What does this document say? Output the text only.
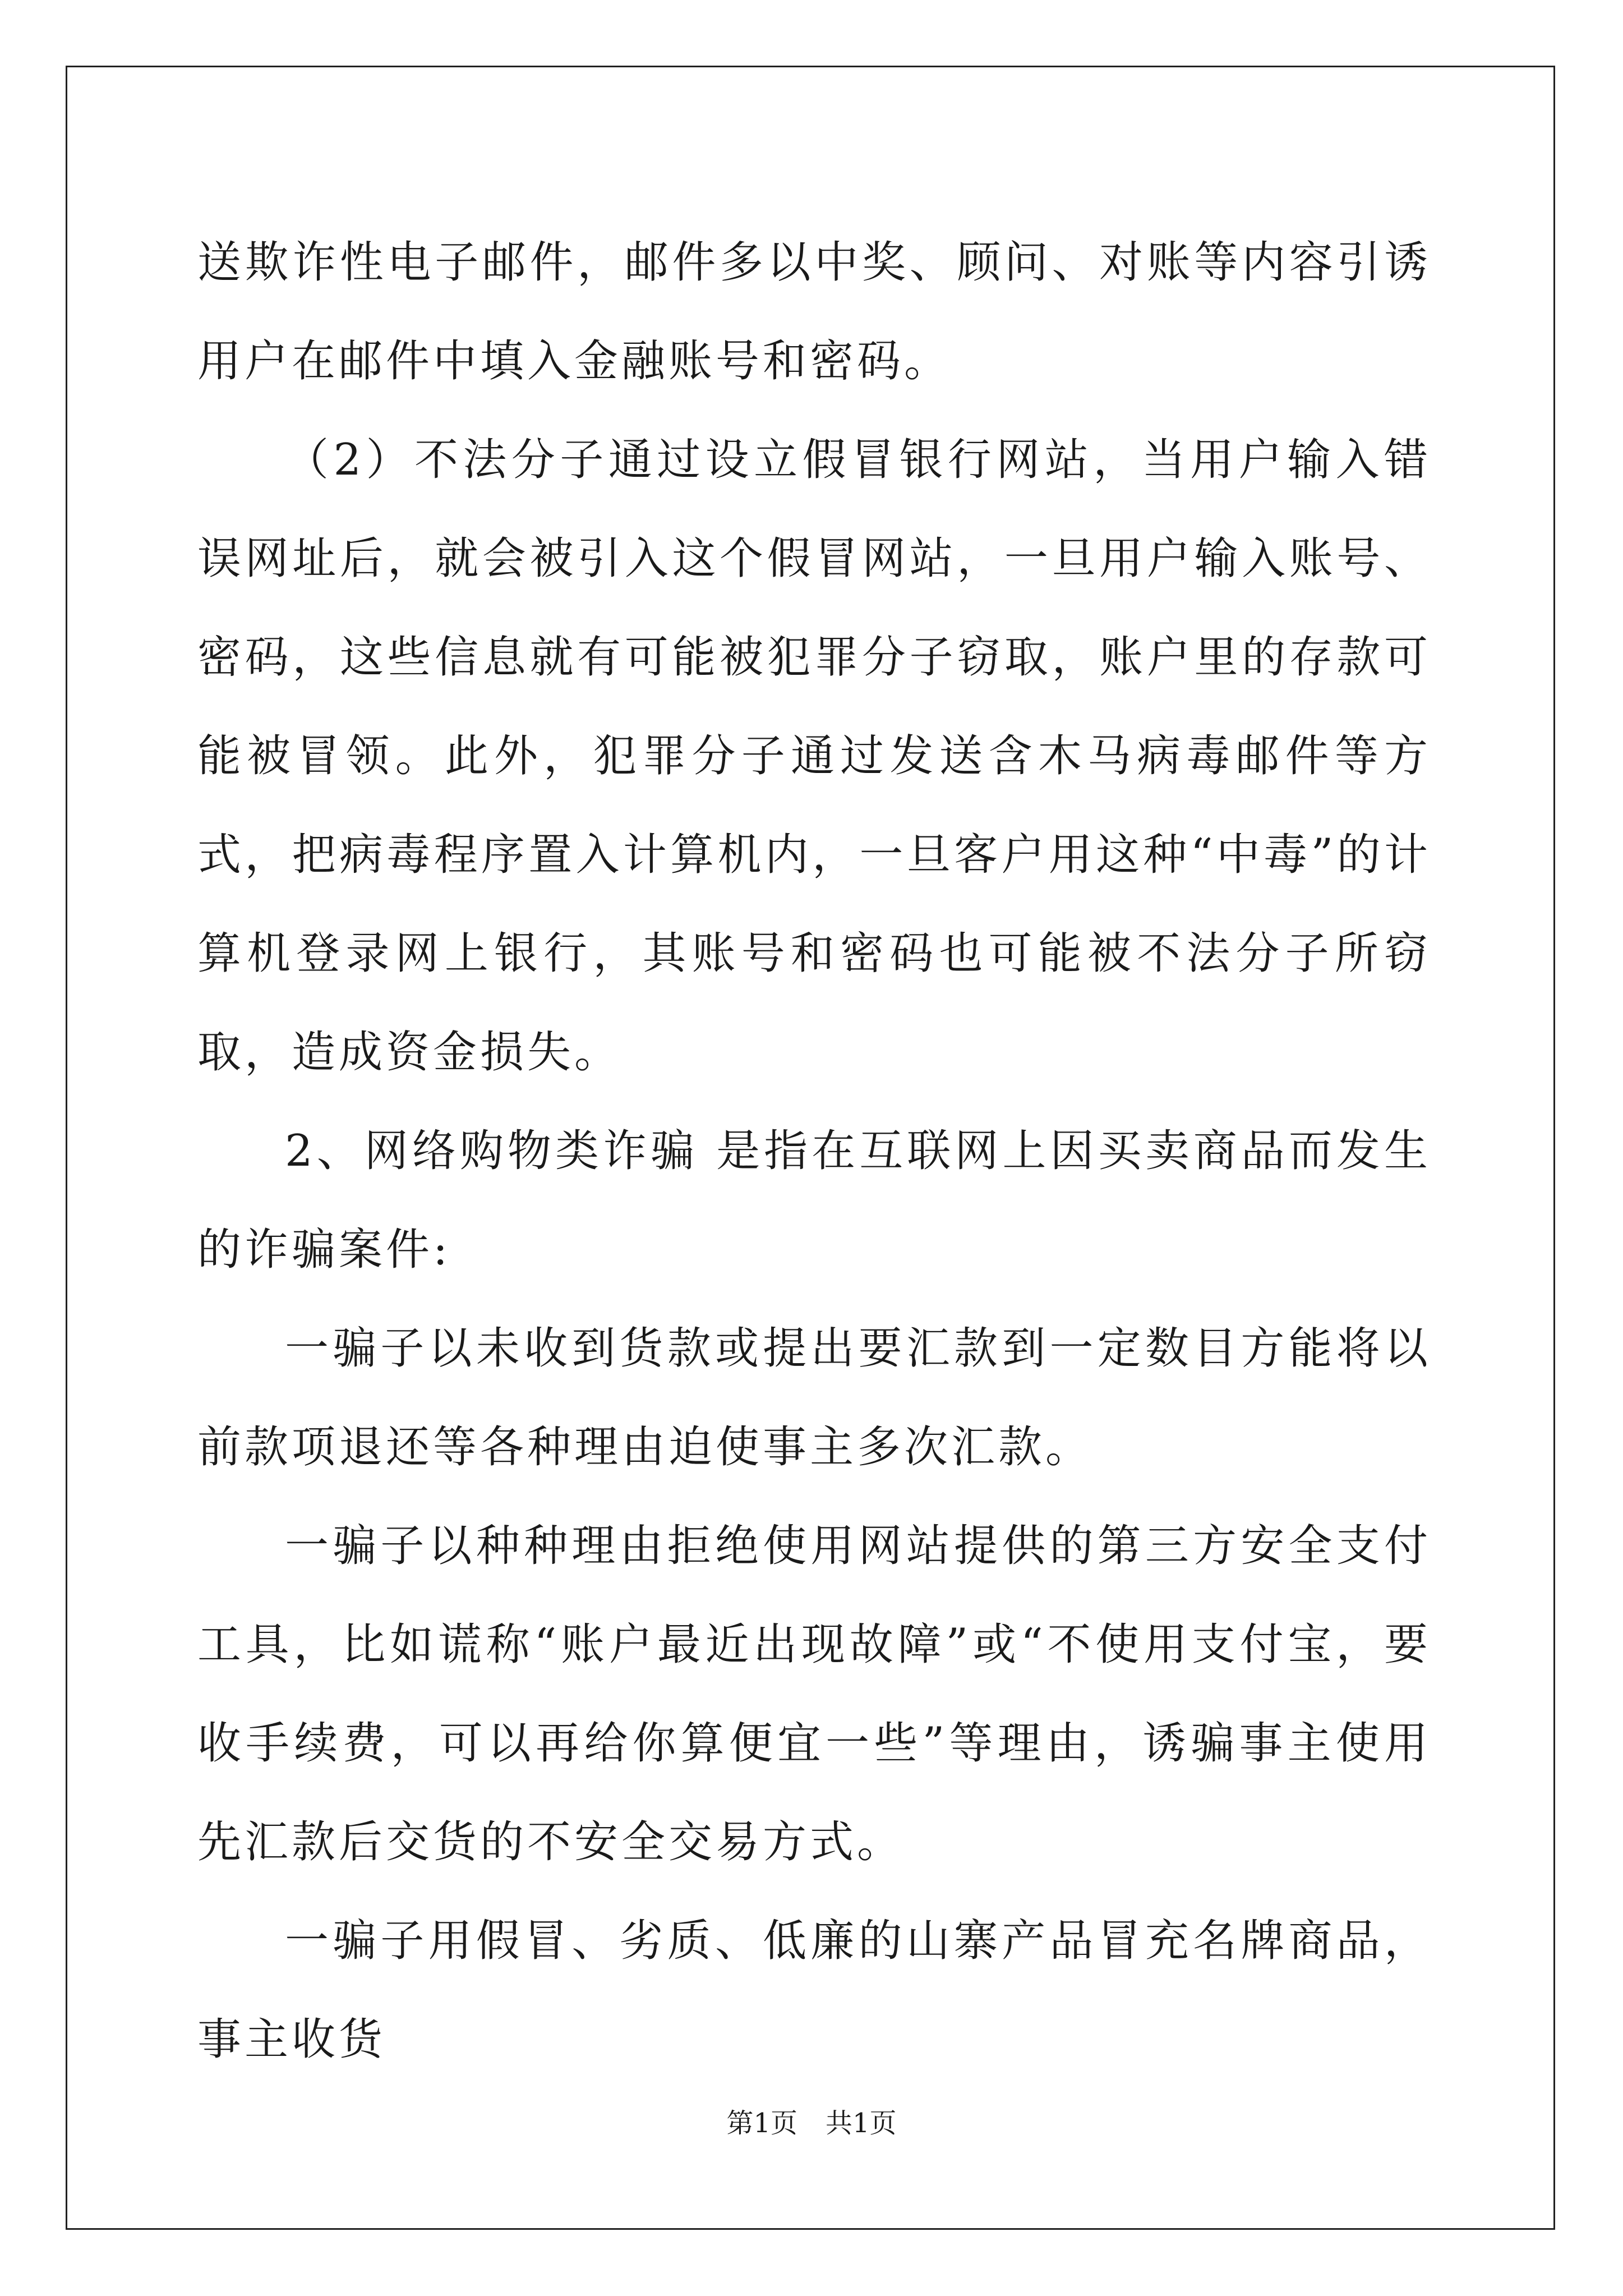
送欺诈性电子邮件，邮件多以中奖、顾问、对账等内容引诱用户在邮件中填入金融账号和密码。

（2）不法分子通过设立假冒银行网站，当用户输入错误网址后，就会被引入这个假冒网站，一旦用户输入账号、密码，这些信息就有可能被犯罪分子窃取，账户里的存款可能被冒领。此外，犯罪分子通过发送含木马病毒邮件等方式，把病毒程序置入计算机内，一旦客户用这种“中毒”的计算机登录网上银行，其账号和密码也可能被不法分子所窃取，造成资金损失。

2、网络购物类诈骗 是指在互联网上因买卖商品而发生的诈骗案件:

一骗子以未收到货款或提出要汇款到一定数目方能将以前款项退还等各种理由迫使事主多次汇款。

一骗子以种种理由拒绝使用网站提供的第三方安全支付工具，比如谎称“账户最近出现故障”或“不使用支付宝，要收手续费，可以再给你算便宜一些”等理由，诱骗事主使用先汇款后交货的不安全交易方式。

一骗子用假冒、劣质、低廉的山寨产品冒充名牌商品，事主收货

第1页 共1页
